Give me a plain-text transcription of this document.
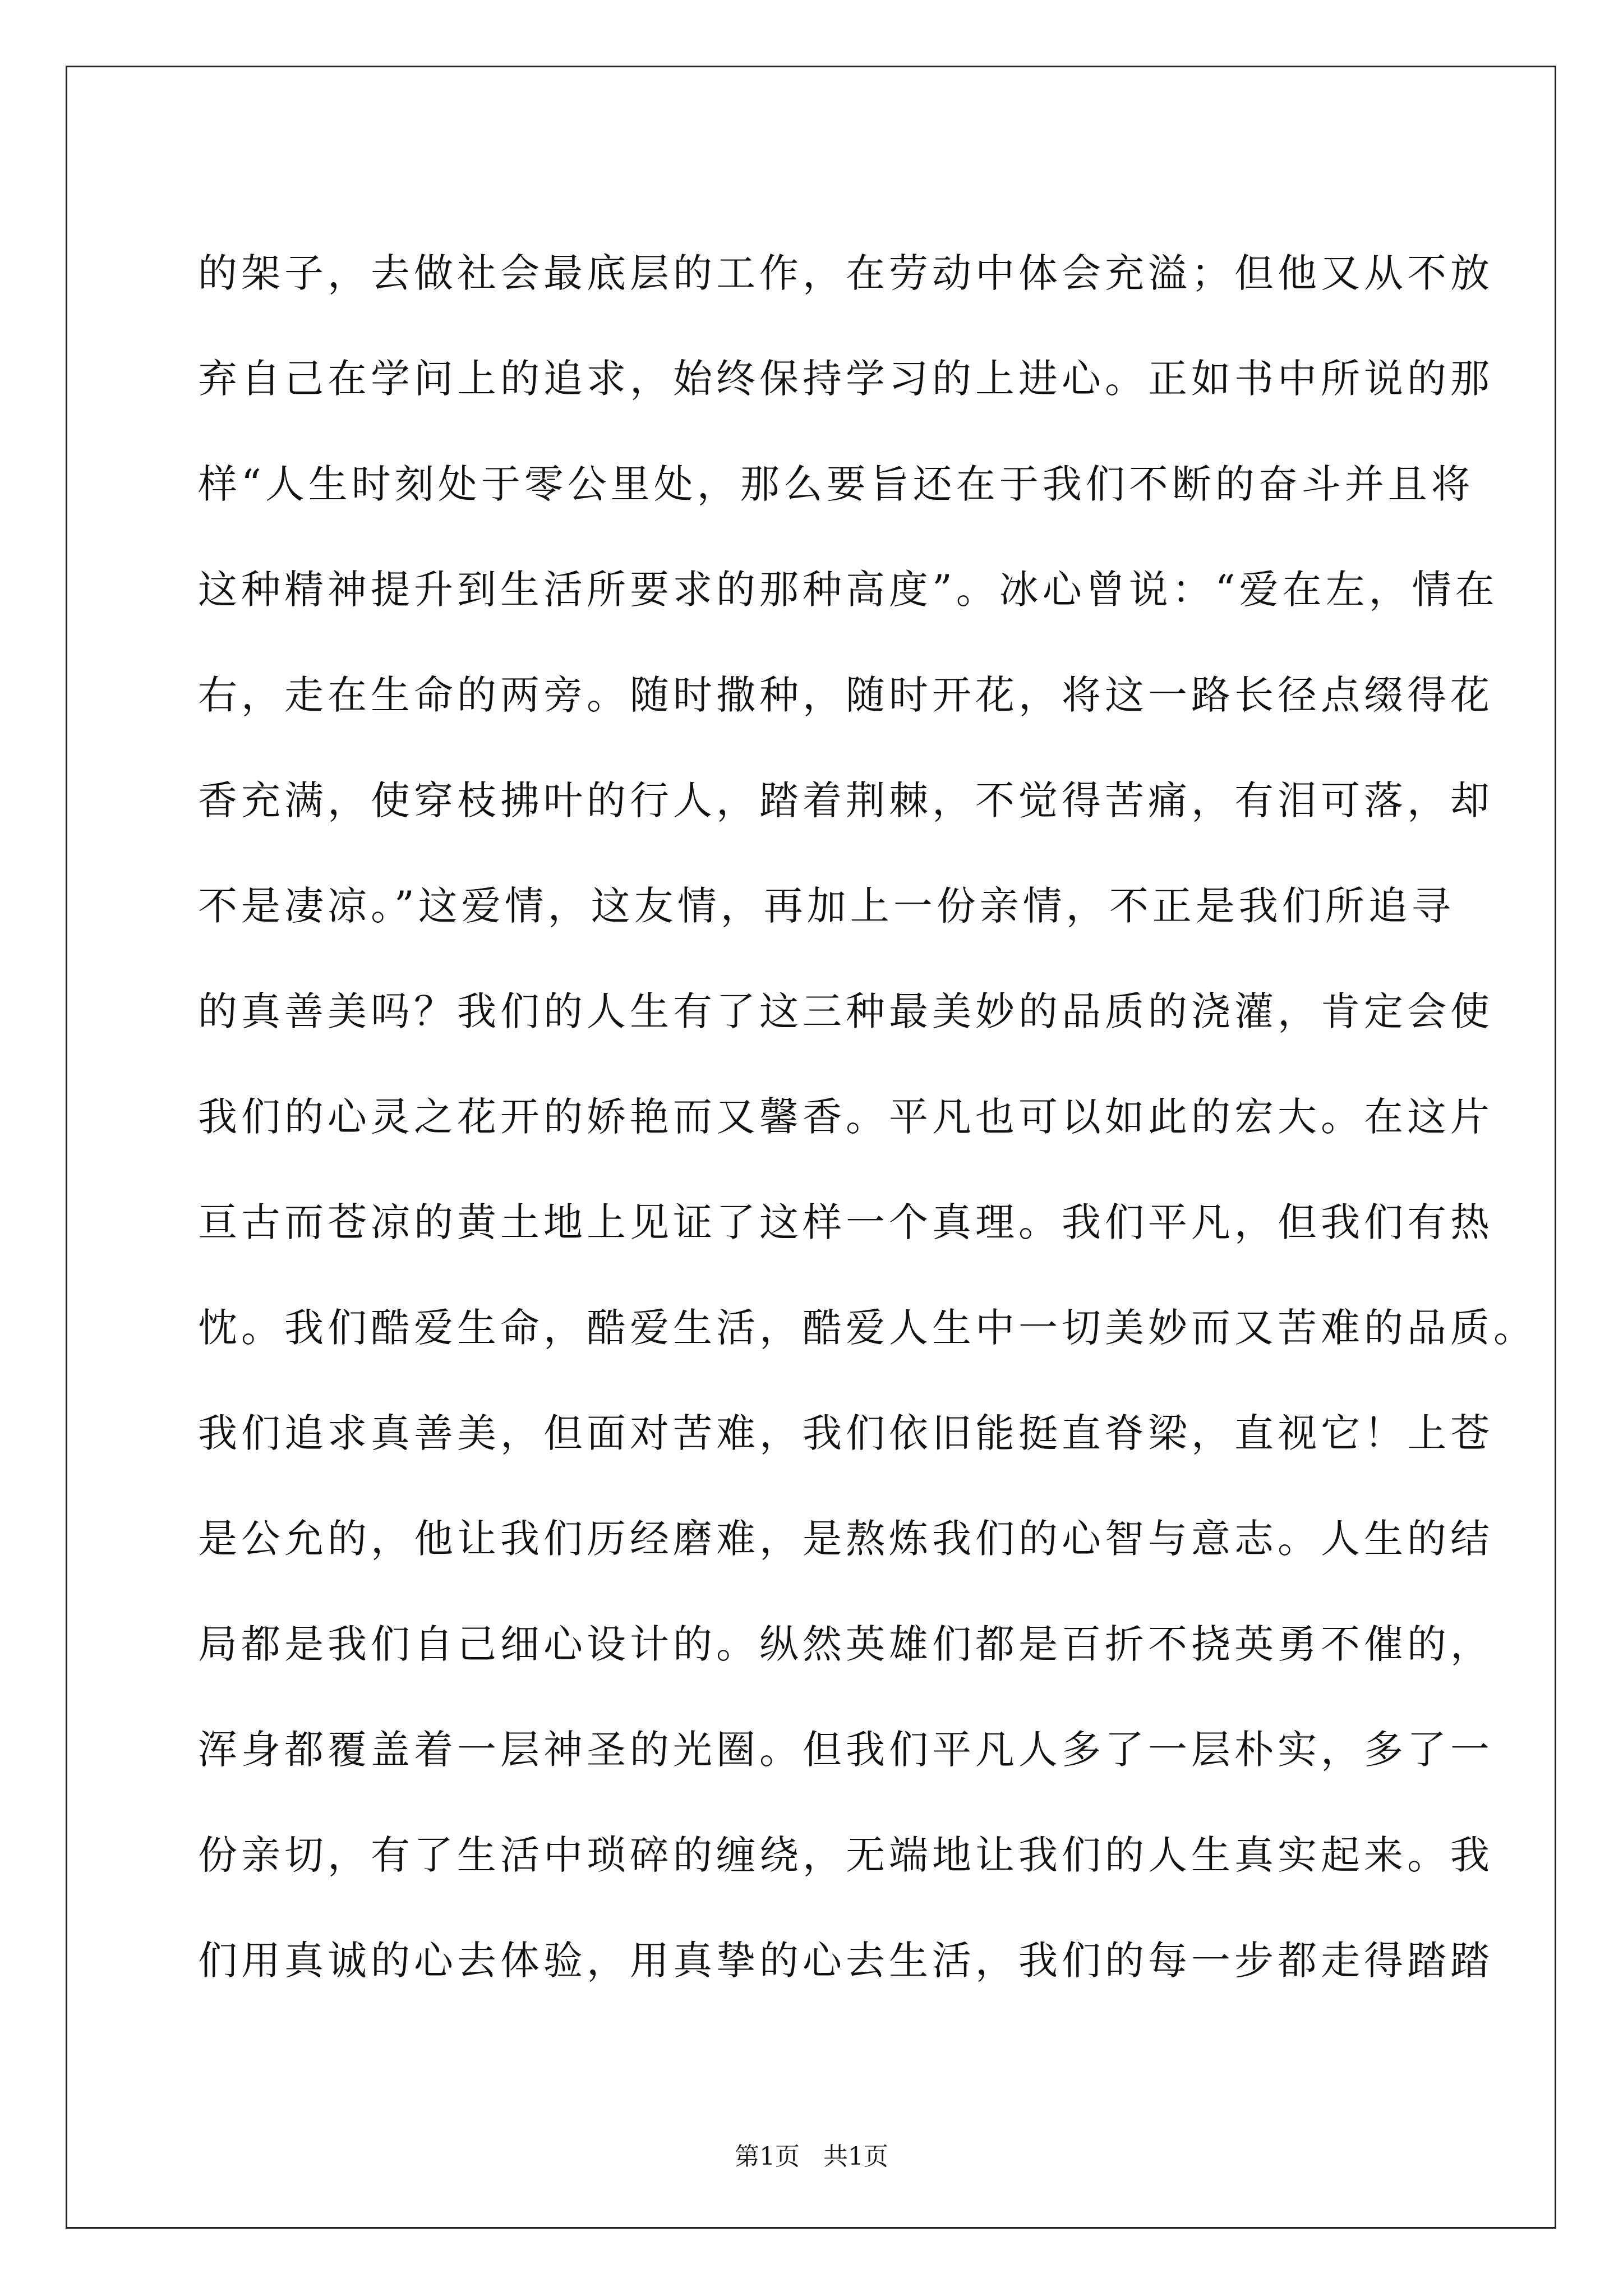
的架子，去做社会最底层的工作，在劳动中体会充溢；但他又从不放
弃自己在学问上的追求，始终保持学习的上进心。正如书中所说的那
样“人生时刻处于零公里处，那么要旨还在于我们不断的奋斗并且将
这种精神提升到生活所要求的那种高度”。冰心曾说：“爱在左，情在
右，走在生命的两旁。随时撒种，随时开花，将这一路长径点缀得花
香充满，使穿枝拂叶的行人，踏着荆棘，不觉得苦痛，有泪可落，却
不是凄凉。”这爱情，这友情，再加上一份亲情，不正是我们所追寻
的真善美吗？我们的人生有了这三种最美妙的品质的浇灌，肯定会使
我们的心灵之花开的娇艳而又馨香。平凡也可以如此的宏大。在这片
亘古而苍凉的黄土地上见证了这样一个真理。我们平凡，但我们有热
忱。我们酷爱生命，酷爱生活，酷爱人生中一切美妙而又苦难的品质。
我们追求真善美，但面对苦难，我们依旧能挺直脊梁，直视它！上苍
是公允的，他让我们历经磨难，是熬炼我们的心智与意志。人生的结
局都是我们自己细心设计的。纵然英雄们都是百折不挠英勇不催的，
浑身都覆盖着一层神圣的光圈。但我们平凡人多了一层朴实，多了一
份亲切，有了生活中琐碎的缠绕，无端地让我们的人生真实起来。我
们用真诚的心去体验，用真挚的心去生活，我们的每一步都走得踏踏
第1页   共1页
